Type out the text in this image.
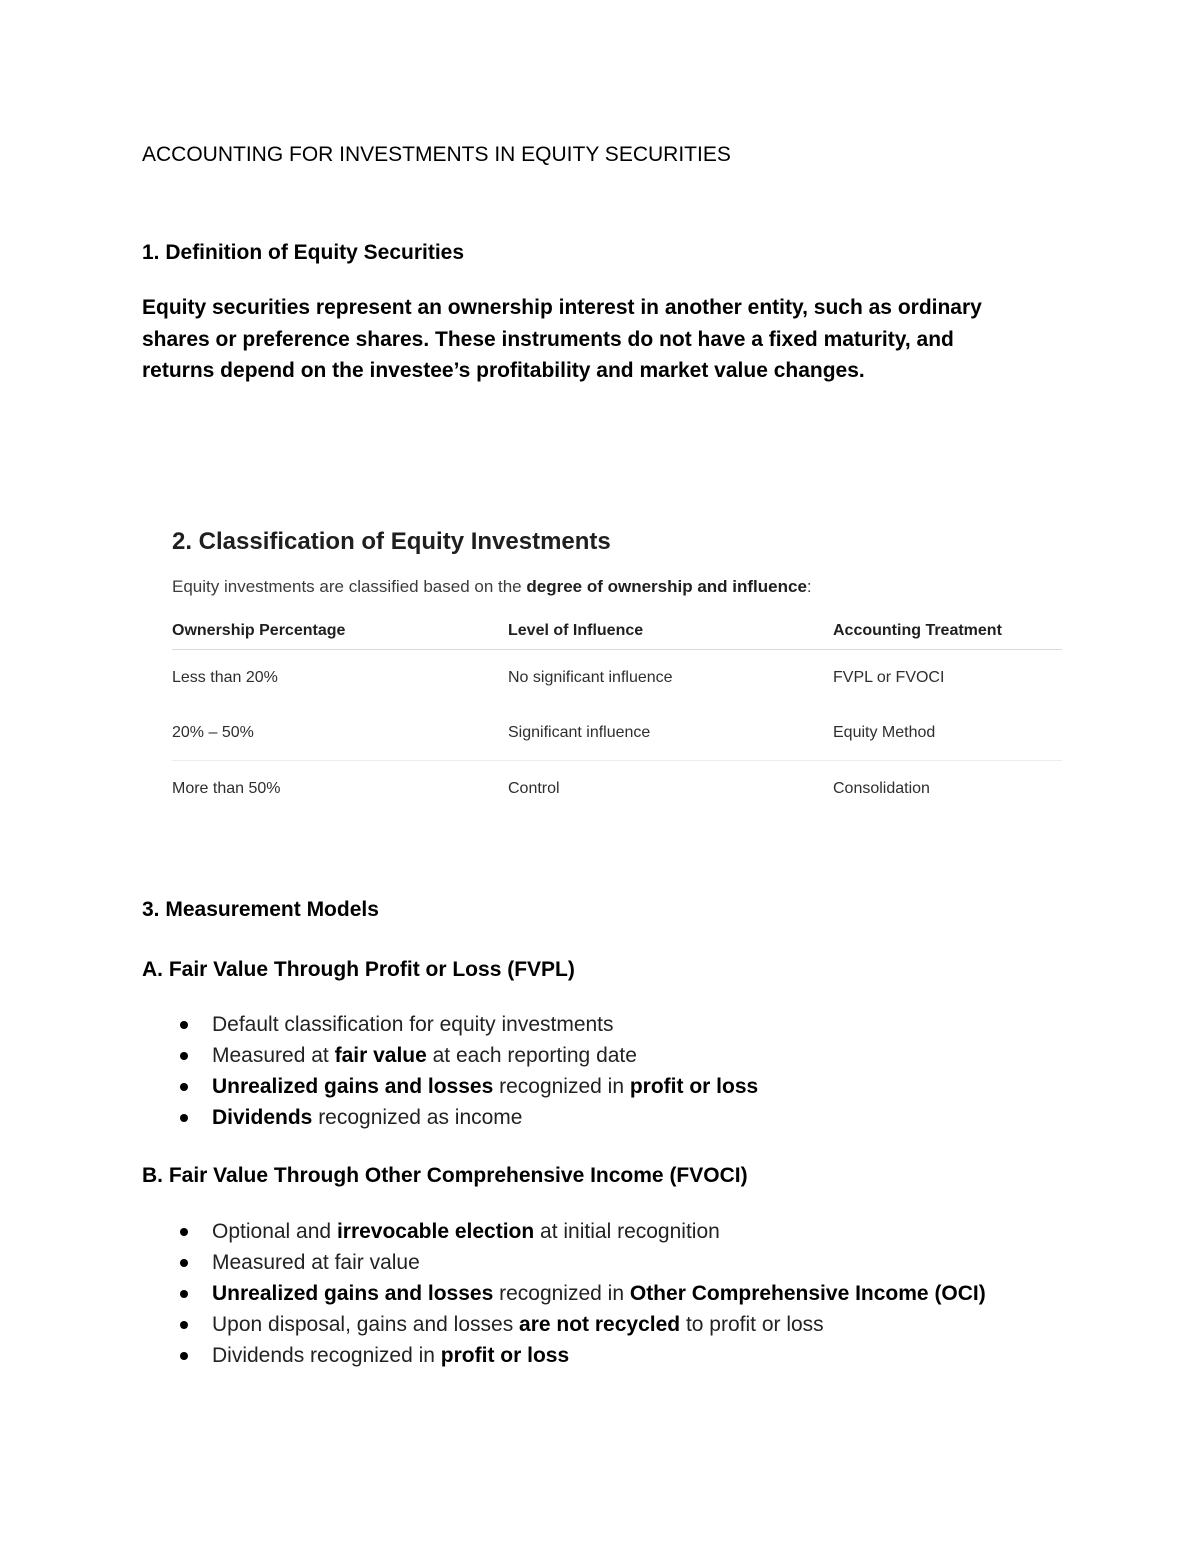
ACCOUNTING FOR INVESTMENTS IN EQUITY SECURITIES
1. Definition of Equity Securities
Equity securities represent an ownership interest in another entity, such as ordinary shares or preference shares. These instruments do not have a fixed maturity, and returns depend on the investee’s profitability and market value changes.
2. Classification of Equity Investments
Equity investments are classified based on the degree of ownership and influence:
Ownership Percentage	Level of Influence	Accounting Treatment
Less than 20%	No significant influence	FVPL or FVOCI
20% – 50%	Significant influence	Equity Method
More than 50%	Control	Consolidation
3. Measurement Models
A. Fair Value Through Profit or Loss (FVPL)
Default classification for equity investments
Measured at fair value at each reporting date
Unrealized gains and losses recognized in profit or loss
Dividends recognized as income
B. Fair Value Through Other Comprehensive Income (FVOCI)
Optional and irrevocable election at initial recognition
Measured at fair value
Unrealized gains and losses recognized in Other Comprehensive Income (OCI)
Upon disposal, gains and losses are not recycled to profit or loss
Dividends recognized in profit or loss
